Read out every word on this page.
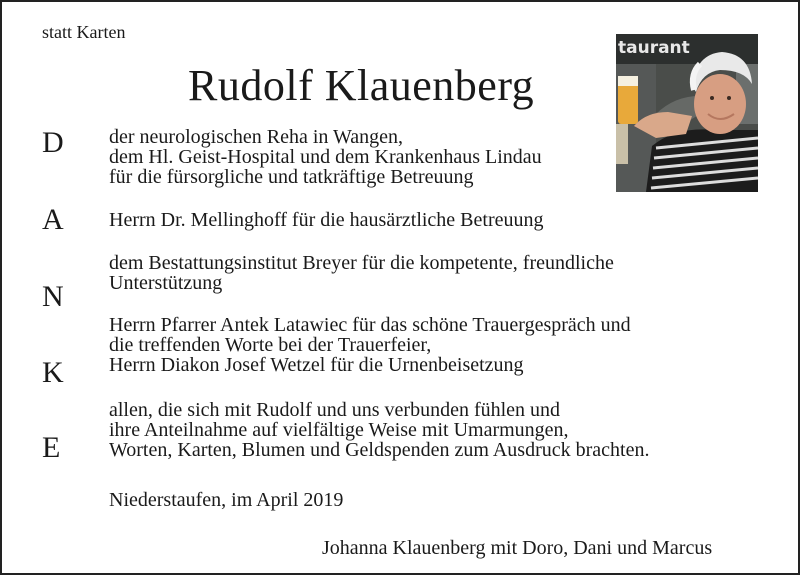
statt Karten
Rudolf Klauenberg
taurant
D
A
N
K
E
der neurologischen Reha in Wangen,
dem Hl. Geist-Hospital und dem Krankenhaus Lindau
für die fürsorgliche und tatkräftige Betreuung
Herrn Dr. Mellinghoff für die hausärztliche Betreuung
dem Bestattungsinstitut Breyer für die kompetente, freundliche
Unterstützung
Herrn Pfarrer Antek Latawiec für das schöne Trauergespräch und
die treffenden Worte bei der Trauerfeier,
Herrn Diakon Josef Wetzel für die Urnenbeisetzung
allen, die sich mit Rudolf und uns verbunden fühlen und
ihre Anteilnahme auf vielfältige Weise mit Umarmungen,
Worten, Karten, Blumen und Geldspenden zum Ausdruck brachten.
Niederstaufen, im April 2019
Johanna Klauenberg mit Doro, Dani und Marcus
